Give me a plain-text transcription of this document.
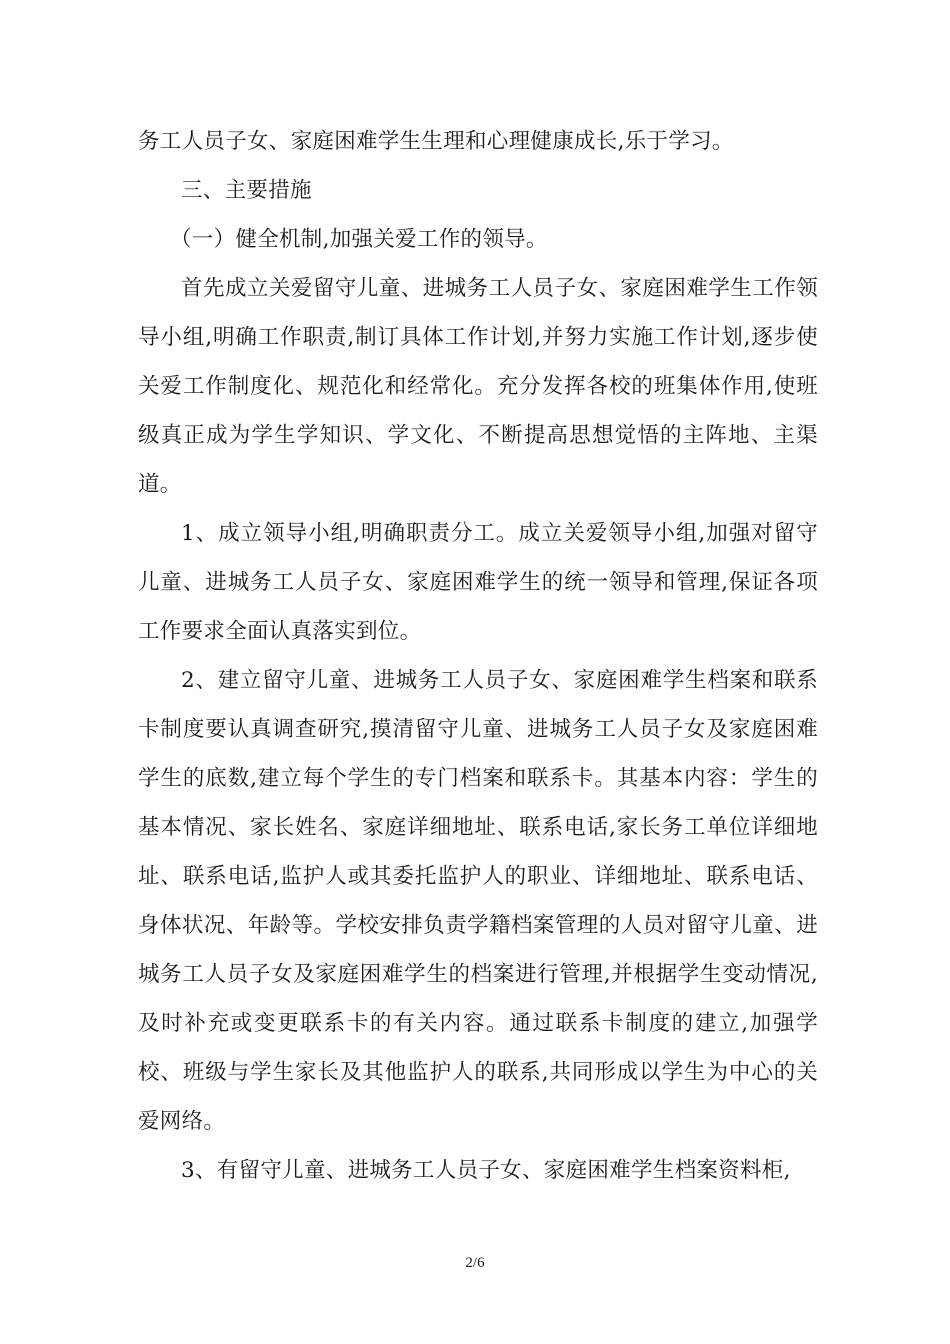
务工人员子女、家庭困难学生生理和心理健康成长,乐于学习。

三、主要措施

（一）健全机制,加强关爱工作的领导。

首先成立关爱留守儿童、进城务工人员子女、家庭困难学生工作领导小组,明确工作职责,制订具体工作计划,并努力实施工作计划,逐步使关爱工作制度化、规范化和经常化。充分发挥各校的班集体作用,使班级真正成为学生学知识、学文化、不断提高思想觉悟的主阵地、主渠道。

1、成立领导小组,明确职责分工。成立关爱领导小组,加强对留守儿童、进城务工人员子女、家庭困难学生的统一领导和管理,保证各项工作要求全面认真落实到位。

2、建立留守儿童、进城务工人员子女、家庭困难学生档案和联系卡制度要认真调查研究,摸清留守儿童、进城务工人员子女及家庭困难学生的底数,建立每个学生的专门档案和联系卡。其基本内容：学生的基本情况、家长姓名、家庭详细地址、联系电话,家长务工单位详细地址、联系电话,监护人或其委托监护人的职业、详细地址、联系电话、身体状况、年龄等。学校安排负责学籍档案管理的人员对留守儿童、进城务工人员子女及家庭困难学生的档案进行管理,并根据学生变动情况,及时补充或变更联系卡的有关内容。通过联系卡制度的建立,加强学校、班级与学生家长及其他监护人的联系,共同形成以学生为中心的关爱网络。

3、有留守儿童、进城务工人员子女、家庭困难学生档案资料柜,

2/6
